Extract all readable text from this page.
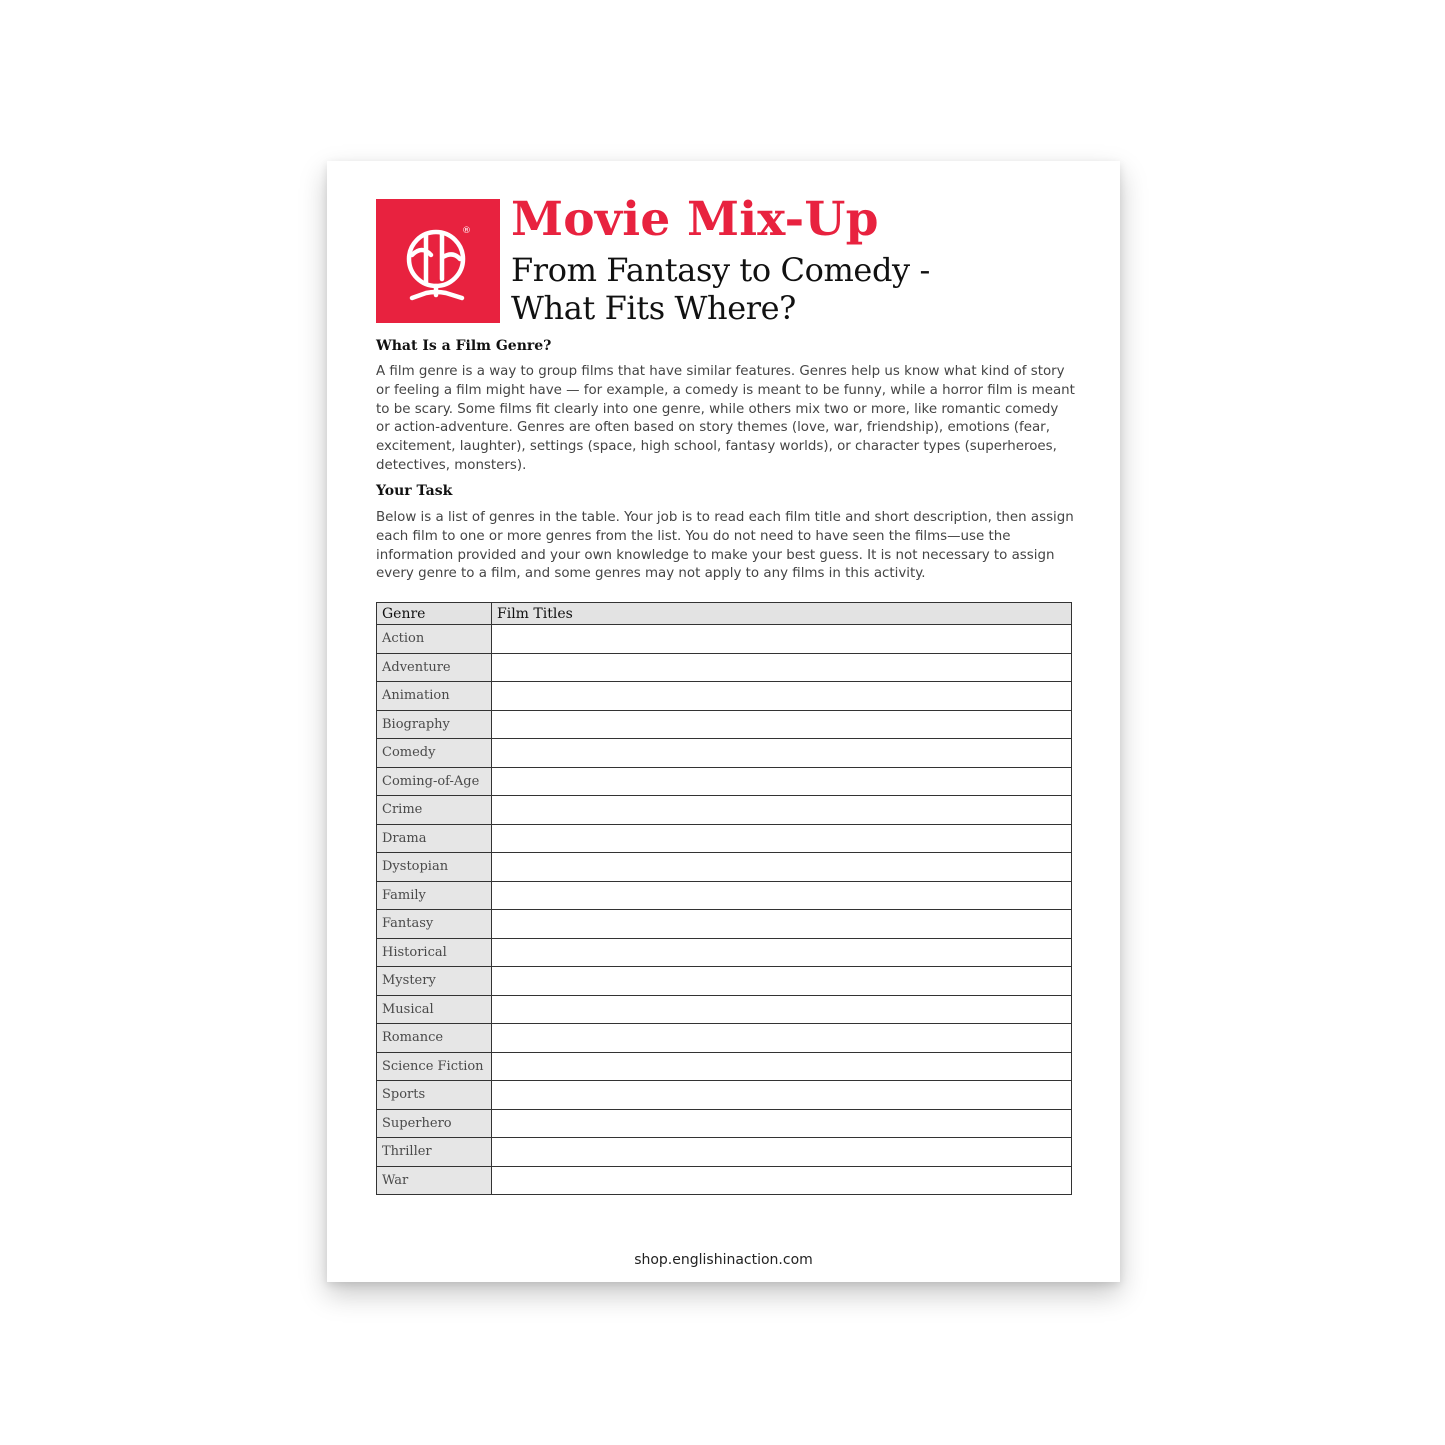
® Movie Mix-Up
From Fantasy to Comedy - What Fits Where?
What Is a Film Genre?

A film genre is a way to group films that have similar features. Genres help us know what kind of story or feeling a film might have — for example, a comedy is meant to be funny, while a horror film is meant to be scary. Some films fit clearly into one genre, while others mix two or more, like romantic comedy or action-adventure. Genres are often based on story themes (love, war, friendship), emotions (fear, excitement, laughter), settings (space, high school, fantasy worlds), or character types (superheroes, detectives, monsters).

Your Task

Below is a list of genres in the table. Your job is to read each film title and short description, then assign each film to one or more genres from the list. You do not need to have seen the films—use the information provided and your own knowledge to make your best guess. It is not necessary to assign every genre to a film, and some genres may not apply to any films in this activity.

Genre	Film Titles
Action	
Adventure	
Animation	
Biography	
Comedy	
Coming-of-Age	
Crime	
Drama	
Dystopian	
Family	
Fantasy	
Historical	
Mystery	
Musical	
Romance	
Science Fiction	
Sports	
Superhero	
Thriller	
War	

shop.englishinaction.com
